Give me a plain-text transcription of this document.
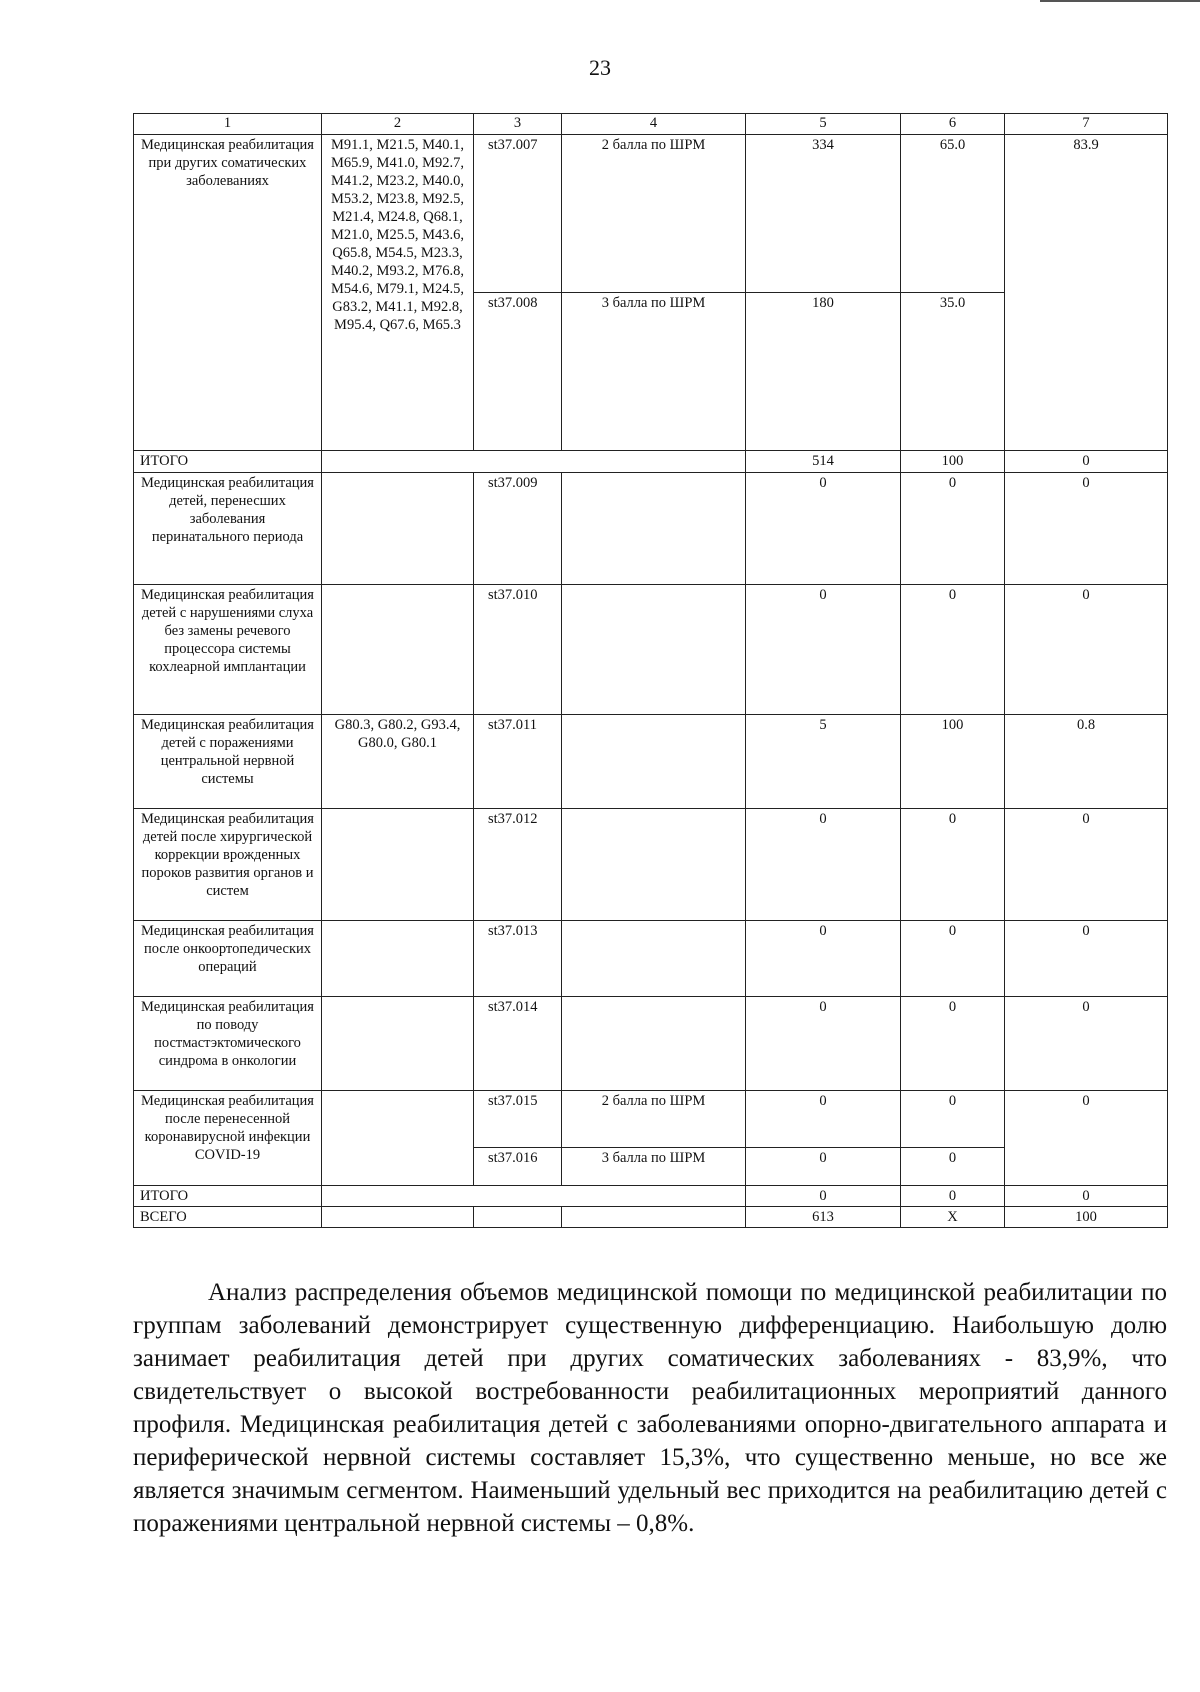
23
1	2	3	4	5	6	7
Медицинская реабилитация при других соматических заболеваниях	M91.1, M21.5, M40.1, M65.9, M41.0, M92.7, M41.2, M23.2, M40.0, M53.2, M23.8, M92.5, M21.4, M24.8, Q68.1, M21.0, M25.5, M43.6, Q65.8, M54.5, M23.3, M40.2, M93.2, M76.8, M54.6, M79.1, M24.5, G83.2, M41.1, M92.8, M95.4, Q67.6, M65.3	st37.007	2 балла по ШРМ	334	65.0	83.9
		st37.008	3 балла по ШРМ	180	35.0	
ИТОГО				514	100	0
Медицинская реабилитация детей, перенесших заболевания перинатального периода		st37.009		0	0	0
Медицинская реабилитация детей с нарушениями слуха без замены речевого процессора системы кохлеарной имплантации		st37.010		0	0	0
Медицинская реабилитация детей с поражениями центральной нервной системы	G80.3, G80.2, G93.4, G80.0, G80.1	st37.011		5	100	0.8
Медицинская реабилитация детей после хирургической коррекции врожденных пороков развития органов и систем		st37.012		0	0	0
Медицинская реабилитация после онкоортопедических операций		st37.013		0	0	0
Медицинская реабилитация по поводу постмастэктомического синдрома в онкологии		st37.014		0	0	0
Медицинская реабилитация после перенесенной коронавирусной инфекции COVID-19		st37.015	2 балла по ШРМ	0	0	0
		st37.016	3 балла по ШРМ	0	0	
ИТОГО				0	0	0
ВСЕГО				613	Х	100

Анализ распределения объемов медицинской помощи по медицинской реабилитации по группам заболеваний демонстрирует существенную дифференциацию. Наибольшую долю занимает реабилитация детей при других соматических заболеваниях - 83,9%, что свидетельствует о высокой востребованности реабилитационных мероприятий данного профиля. Медицинская реабилитация детей с заболеваниями опорно-двигательного аппарата и периферической нервной системы составляет 15,3%, что существенно меньше, но все же является значимым сегментом. Наименьший удельный вес приходится на реабилитацию детей с поражениями центральной нервной системы – 0,8%.
